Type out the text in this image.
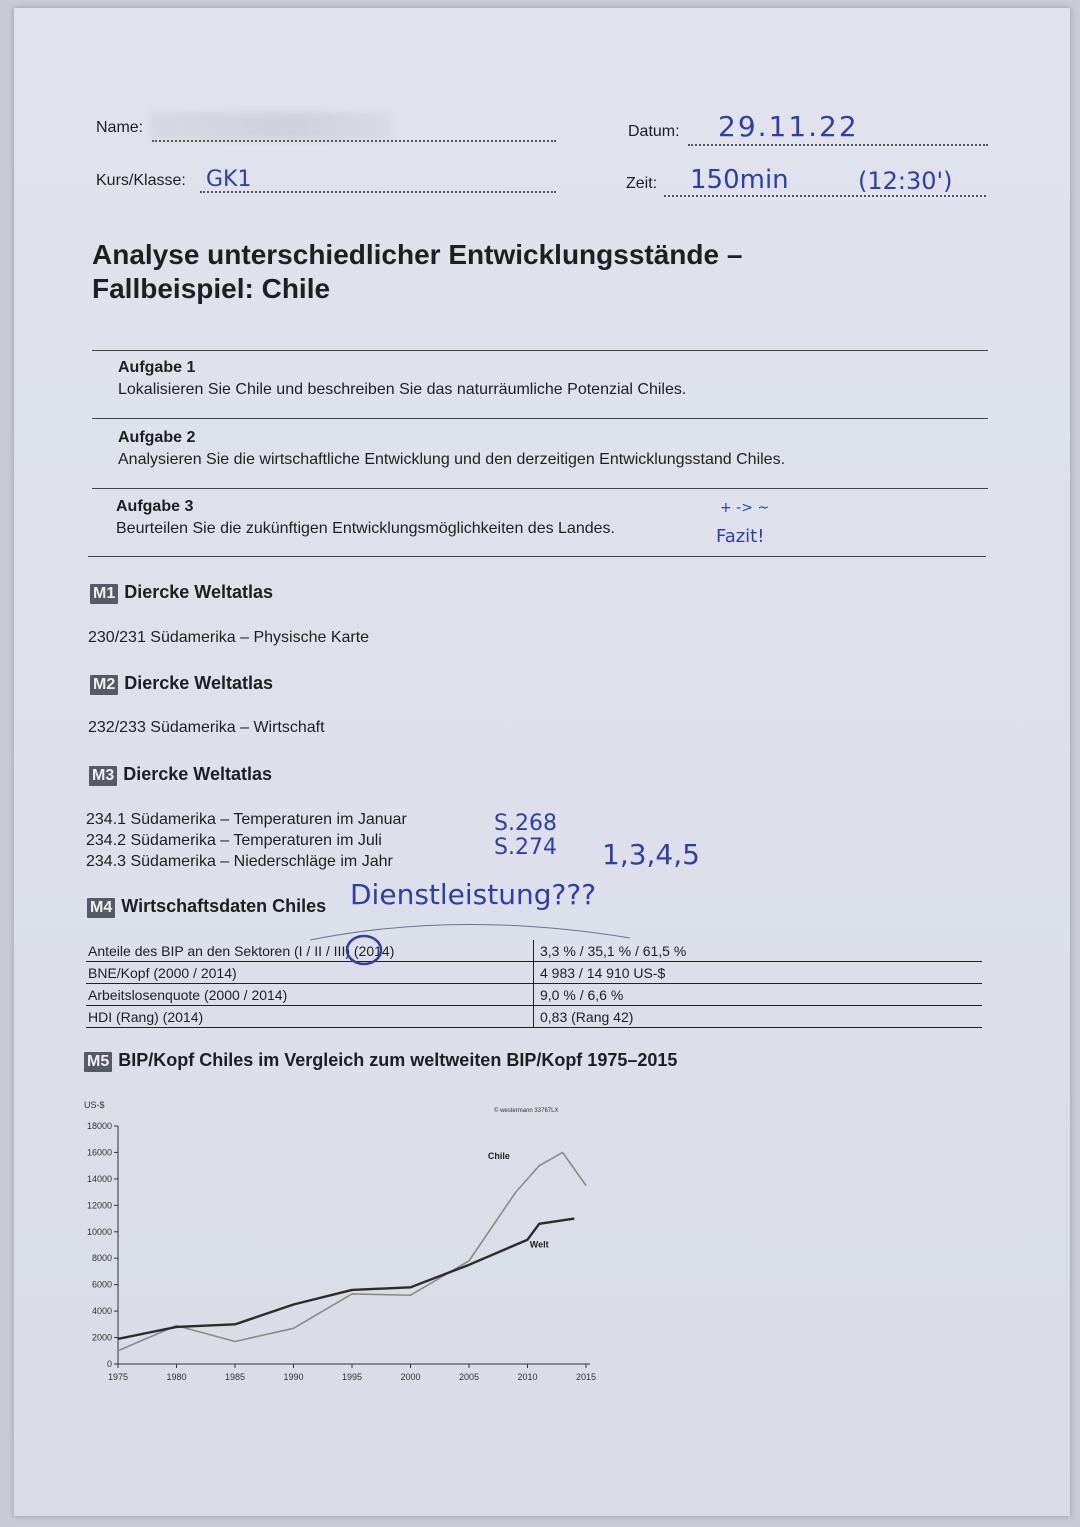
Name:	Datum: 29.11.22
Kurs/Klasse: GK1	Zeit: 150min	(12:30')
Analyse unterschiedlicher Entwicklungsstände –
Fallbeispiel: Chile
Aufgabe 1
Lokalisieren Sie Chile und beschreiben Sie das naturräumliche Potenzial Chiles.
Aufgabe 2
Analysieren Sie die wirtschaftliche Entwicklung und den derzeitigen Entwicklungsstand Chiles.
Aufgabe 3
Beurteilen Sie die zukünftigen Entwicklungsmöglichkeiten des Landes.
+ -> ~
Fazit!
M1 Diercke Weltatlas
230/231 Südamerika – Physische Karte
M2 Diercke Weltatlas
232/233 Südamerika – Wirtschaft
M3 Diercke Weltatlas
234.1 Südamerika – Temperaturen im Januar
234.2 Südamerika – Temperaturen im Juli
234.3 Südamerika – Niederschläge im Jahr
S.268
S.274 1,3,4,5
M4 Wirtschaftsdaten Chiles Dienstleistung???
Anteile des BIP an den Sektoren (I / II / III) (2014)	3,3 % / 35,1 % / 61,5 %
BNE/Kopf (2000 / 2014)	4 983 / 14 910 US-$
Arbeitslosenquote (2000 / 2014)	9,0 % / 6,6 %
HDI (Rang) (2014)	0,83 (Rang 42)
M5 BIP/Kopf Chiles im Vergleich zum weltweiten BIP/Kopf 1975–2015
0
2000
4000
6000
8000
10000
12000
14000
16000
18000
1975	1980	1985	1990	1995	2000	2005	2010	2015
Chile
Welt
US-$
© westermann 33767LX
